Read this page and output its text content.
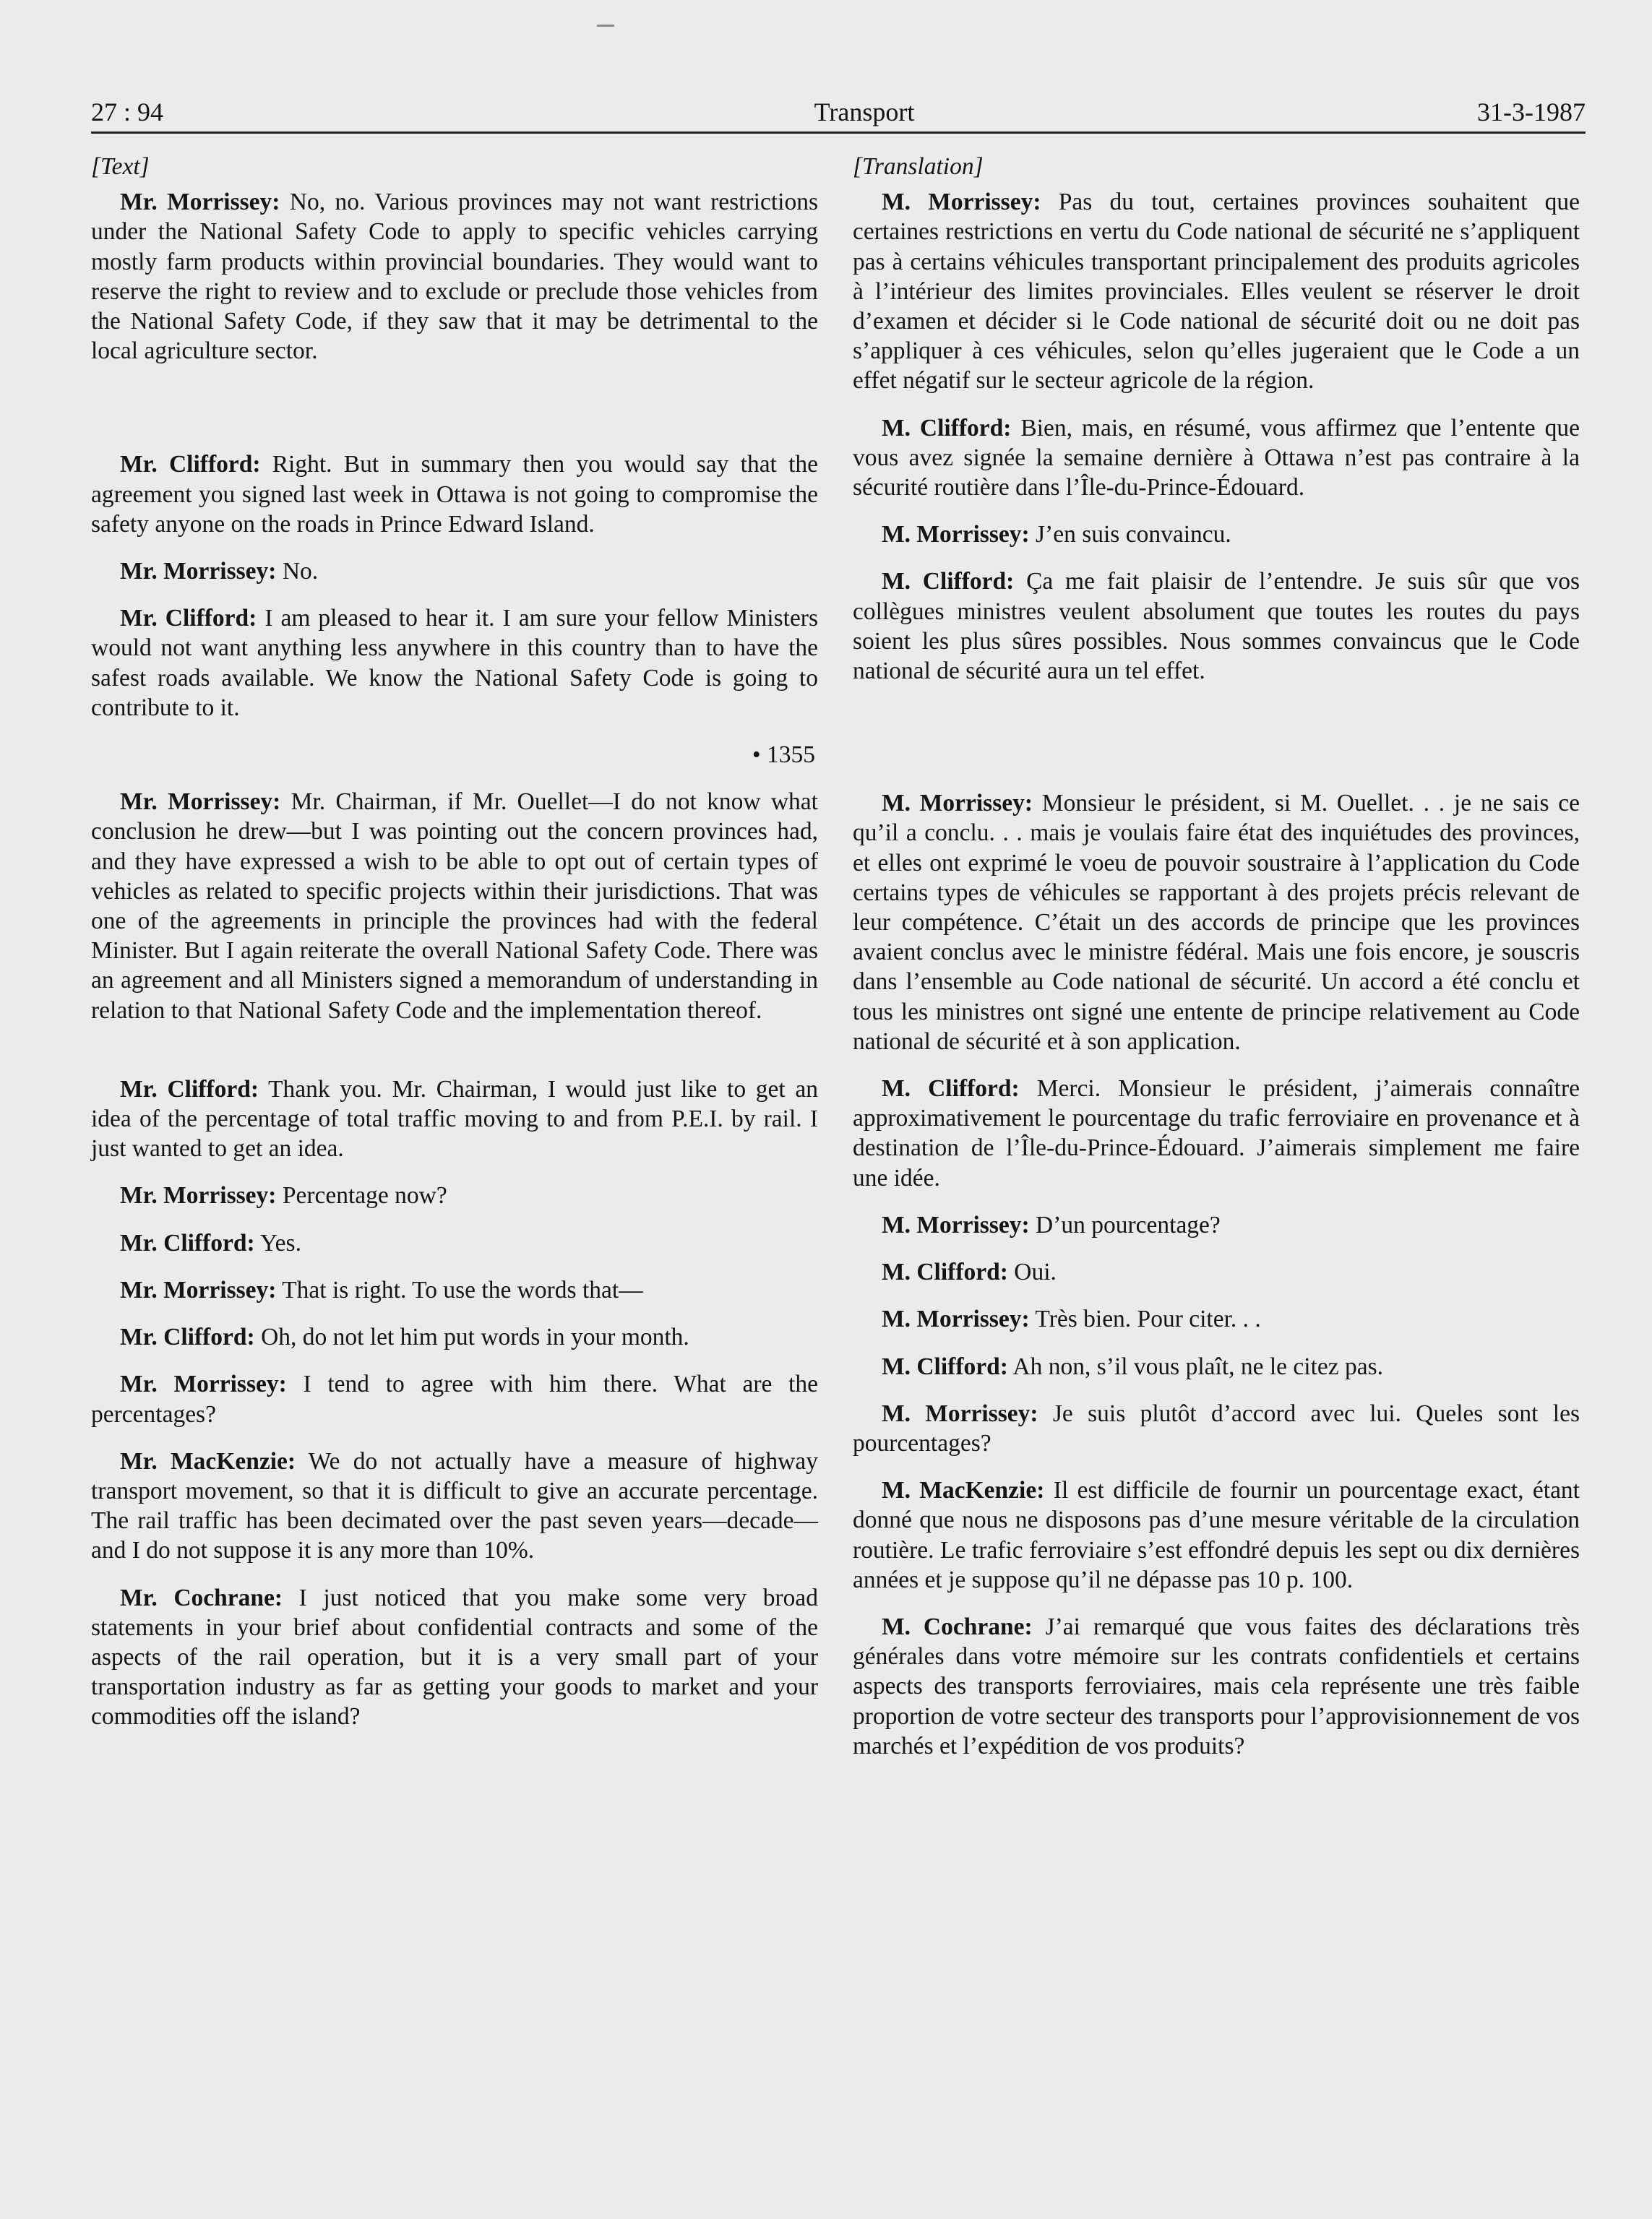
27 : 94	Transport	31-3-1987
[Text]

Mr. Morrissey: No, no. Various provinces may not want restrictions under the National Safety Code to apply to specific vehicles carrying mostly farm products within provincial boundaries. They would want to reserve the right to review and to exclude or preclude those vehicles from the National Safety Code, if they saw that it may be detrimental to the local agriculture sector.

Mr. Clifford: Right. But in summary then you would say that the agreement you signed last week in Ottawa is not going to compromise the safety anyone on the roads in Prince Edward Island.

Mr. Morrissey: No.

Mr. Clifford: I am pleased to hear it. I am sure your fellow Ministers would not want anything less anywhere in this country than to have the safest roads available. We know the National Safety Code is going to contribute to it.

• 1355

Mr. Morrissey: Mr. Chairman, if Mr. Ouellet—I do not know what conclusion he drew—but I was pointing out the concern provinces had, and they have expressed a wish to be able to opt out of certain types of vehicles as related to specific projects within their jurisdictions. That was one of the agreements in principle the provinces had with the federal Minister. But I again reiterate the overall National Safety Code. There was an agreement and all Ministers signed a memorandum of understanding in relation to that National Safety Code and the implementation thereof.

Mr. Clifford: Thank you. Mr. Chairman, I would just like to get an idea of the percentage of total traffic moving to and from P.E.I. by rail. I just wanted to get an idea.

Mr. Morrissey: Percentage now?

Mr. Clifford: Yes.

Mr. Morrissey: That is right. To use the words that—

Mr. Clifford: Oh, do not let him put words in your month.

Mr. Morrissey: I tend to agree with him there. What are the percentages?

Mr. MacKenzie: We do not actually have a measure of highway transport movement, so that it is difficult to give an accurate percentage. The rail traffic has been decimated over the past seven years—decade—and I do not suppose it is any more than 10%.

Mr. Cochrane: I just noticed that you make some very broad statements in your brief about confidential contracts and some of the aspects of the rail operation, but it is a very small part of your transportation industry as far as getting your goods to market and your commodities off the island?

[Translation]

M. Morrissey: Pas du tout, certaines provinces souhaitent que certaines restrictions en vertu du Code national de sécurité ne s’appliquent pas à certains véhicules transportant principalement des produits agricoles à l’intérieur des limites provinciales. Elles veulent se réserver le droit d’examen et décider si le Code national de sécurité doit ou ne doit pas s’appliquer à ces véhicules, selon qu’elles jugeraient que le Code a un effet négatif sur le secteur agricole de la région.

M. Clifford: Bien, mais, en résumé, vous affirmez que l’entente que vous avez signée la semaine dernière à Ottawa n’est pas contraire à la sécurité routière dans l’Île-du-Prince-Édouard.

M. Morrissey: J’en suis convaincu.

M. Clifford: Ça me fait plaisir de l’entendre. Je suis sûr que vos collègues ministres veulent absolument que toutes les routes du pays soient les plus sûres possibles. Nous sommes convaincus que le Code national de sécurité aura un tel effet.

M. Morrissey: Monsieur le président, si M. Ouellet. . . je ne sais ce qu’il a conclu. . . mais je voulais faire état des inquiétudes des provinces, et elles ont exprimé le voeu de pouvoir soustraire à l’application du Code certains types de véhicules se rapportant à des projets précis relevant de leur compétence. C’était un des accords de principe que les provinces avaient conclus avec le ministre fédéral. Mais une fois encore, je souscris dans l’ensemble au Code national de sécurité. Un accord a été conclu et tous les ministres ont signé une entente de principe relativement au Code national de sécurité et à son application.

M. Clifford: Merci. Monsieur le président, j’aimerais connaître approximativement le pourcentage du trafic ferroviaire en provenance et à destination de l’Île-du-Prince-Édouard. J’aimerais simplement me faire une idée.

M. Morrissey: D’un pourcentage?

M. Clifford: Oui.

M. Morrissey: Très bien. Pour citer. . .

M. Clifford: Ah non, s’il vous plaît, ne le citez pas.

M. Morrissey: Je suis plutôt d’accord avec lui. Queles sont les pourcentages?

M. MacKenzie: Il est difficile de fournir un pourcentage exact, étant donné que nous ne disposons pas d’une mesure véritable de la circulation routière. Le trafic ferroviaire s’est effondré depuis les sept ou dix dernières années et je suppose qu’il ne dépasse pas 10 p. 100.

M. Cochrane: J’ai remarqué que vous faites des déclarations très générales dans votre mémoire sur les contrats confidentiels et certains aspects des transports ferroviaires, mais cela représente une très faible proportion de votre secteur des transports pour l’approvisionnement de vos marchés et l’expédition de vos produits?
